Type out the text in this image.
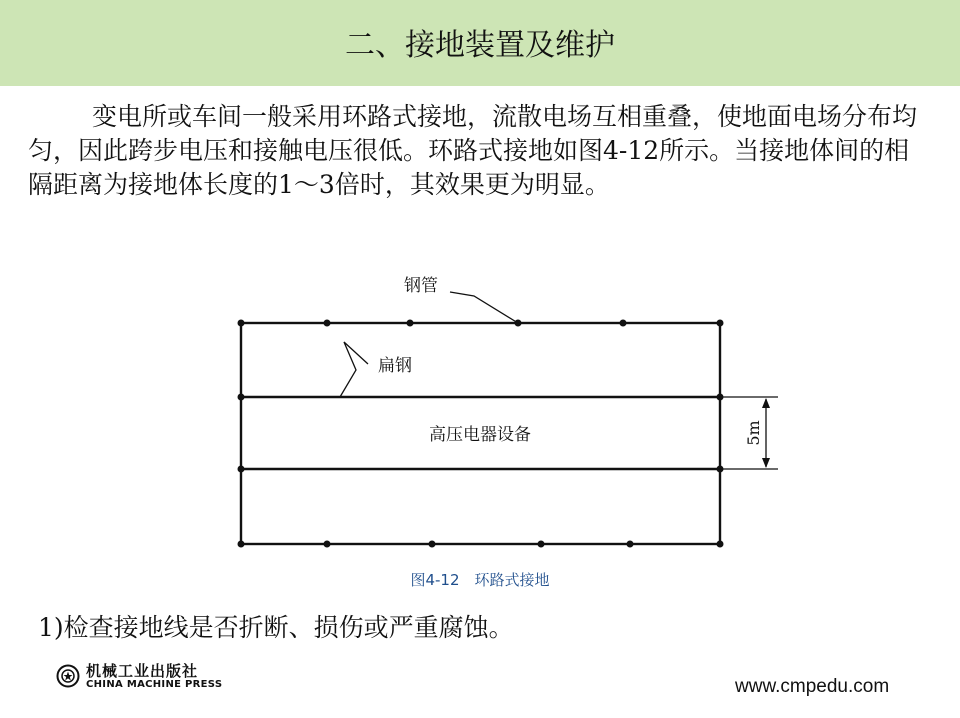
二、接地装置及维护

变电所或车间一般采用环路式接地，流散电场互相重叠，使地面电场分布均匀，因此跨步电压和接触电压很低。环路式接地如图4-12所示。当接地体间的相隔距离为接地体长度的1～3倍时，其效果更为明显。

钢管
扁钢
高压电器设备	5m
图4-12　环路式接地
1)检查接地线是否折断、损伤或严重腐蚀。
机械工业出版社
CHINA MACHINE PRESS	www.cmpedu.com
